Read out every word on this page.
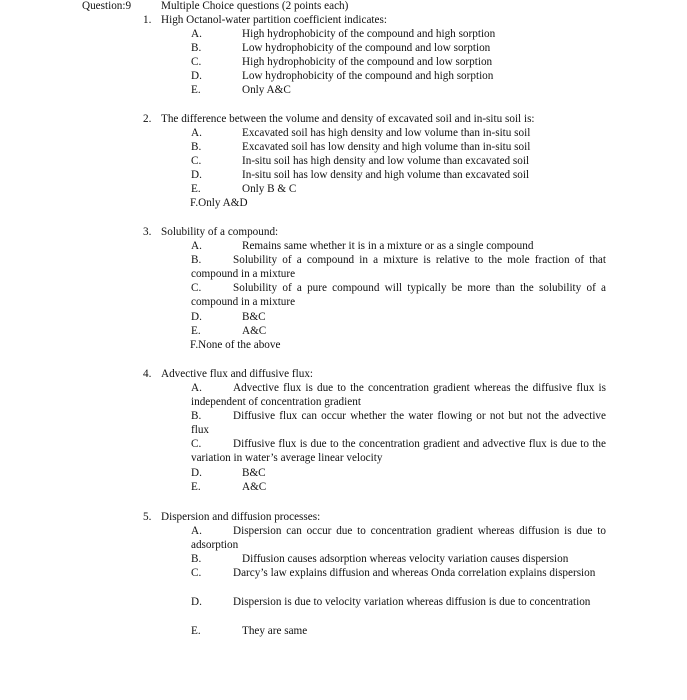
Question:9	Multiple Choice questions (2 points each)
1. High Octanol-water partition coefficient indicates:
A.	High hydrophobicity of the compound and high sorption
B.	Low hydrophobicity of the compound and low sorption
C.	High hydrophobicity of the compound and low sorption
D.	Low hydrophobicity of the compound and high sorption
E.	Only A&C
2. The difference between the volume and density of excavated soil and in-situ soil is:
A.	Excavated soil has high density and low volume than in-situ soil
B.	Excavated soil has low density and high volume than in-situ soil
C.	In-situ soil has high density and low volume than excavated soil
D.	In-situ soil has low density and high volume than excavated soil
E.	Only B & C
F.Only A&D
3. Solubility of a compound:
A.	Remains same whether it is in a mixture or as a single compound
B.	Solubility of a compound in a mixture is relative to the mole fraction of that compound in a mixture
C.	Solubility of a pure compound will typically be more than the solubility of a compound in a mixture
D.	B&C
E.	A&C
F.None of the above
4. Advective flux and diffusive flux:
A.	Advective flux is due to the concentration gradient whereas the diffusive flux is independent of concentration gradient
B.	Diffusive flux can occur whether the water flowing or not but not the advective flux
C.	Diffusive flux is due to the concentration gradient and advective flux is due to the variation in water’s average linear velocity
D.	B&C
E.	A&C
5. Dispersion and diffusion processes:
A.	Dispersion can occur due to concentration gradient whereas diffusion is due to adsorption
B.	Diffusion causes adsorption whereas velocity variation causes dispersion
C.	Darcy’s law explains diffusion and whereas Onda correlation explains dispersion
D.	Dispersion is due to velocity variation whereas diffusion is due to concentration
E.	They are same
